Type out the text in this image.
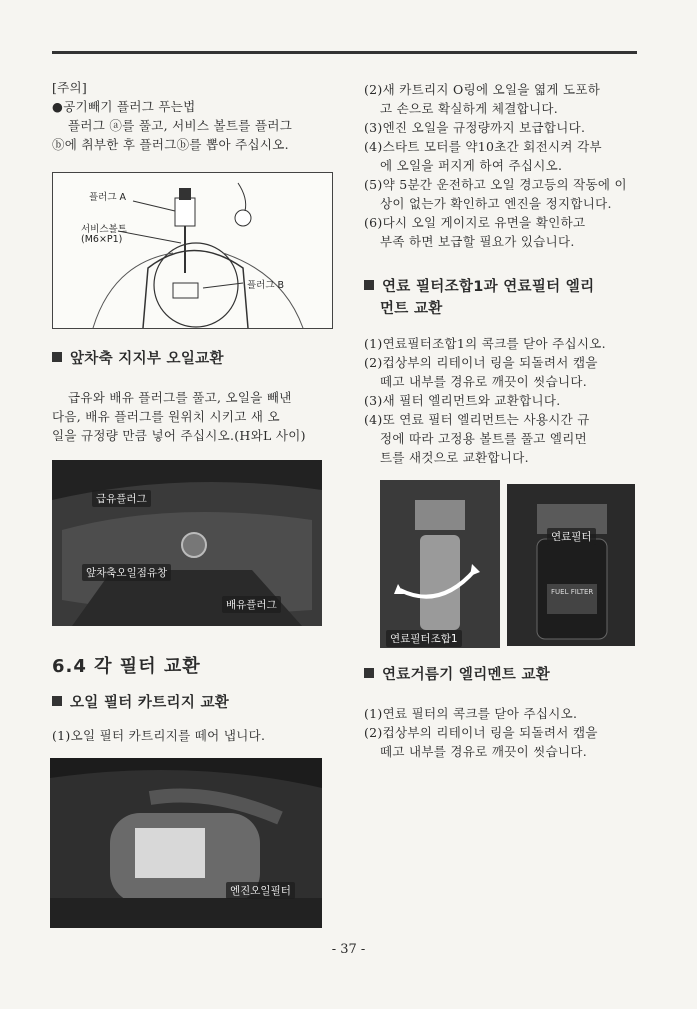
[주의]

●공기빼기 플러그 푸는법

플러그 ⓐ를 풀고, 서비스 볼트를 플러그

ⓑ에 취부한 후 플러그ⓑ를 뽑아 주십시오.

플러그 A
서비스볼트
(M6×P1)
플러그 B

앞차축 지지부 오일교환

급유와 배유 플러그를 풀고, 오일을 빼낸

다음, 배유 플러그를 원위치 시키고 새 오

일을 규정량 만큼 넣어 주십시오.(H와L 사이)

급유플러그
앞차축오일점유창
배유플러그

6.4 각 필터 교환

오일 필터 카트리지 교환

(1)오일 필터 카트리지를 떼어 냅니다.

엔진오일필터

(2)새 카트리지 O링에 오일을 엷게 도포하

고 손으로 확실하게 체결합니다.

(3)엔진 오일을 규정량까지 보급합니다.

(4)스타트 모터를 약10초간 회전시켜 각부

에 오일을 퍼지게 하여 주십시오.

(5)약 5분간 운전하고 오일 경고등의 작동에 이

상이 없는가 확인하고 엔진을 정지합니다.

(6)다시 오일 게이지로 유면을 확인하고

부족 하면 보급할 필요가 있습니다.

연료 필터조합1과 연료필터 엘리

먼트 교환

(1)연료필터조합1의 콕크를 닫아 주십시오.

(2)컵상부의 리테이너 링을 되돌려서 캡을

떼고 내부를 경유로 깨끗이 씻습니다.

(3)새 필터 엘리먼트와 교환합니다.

(4)또 연료 필터 엘리먼트는 사용시간 규

정에 따라 고정용 볼트를 풀고 엘리먼

트를 새것으로 교환합니다.

연료필터조합1
연료필터
FUEL FILTER

연료거름기 엘리멘트 교환

(1)연료 필터의 콕크를 닫아 주십시오.

(2)컵상부의 리테이너 링을 되돌려서 캡을

떼고 내부를 경유로 깨끗이 씻습니다.

- 37 -
